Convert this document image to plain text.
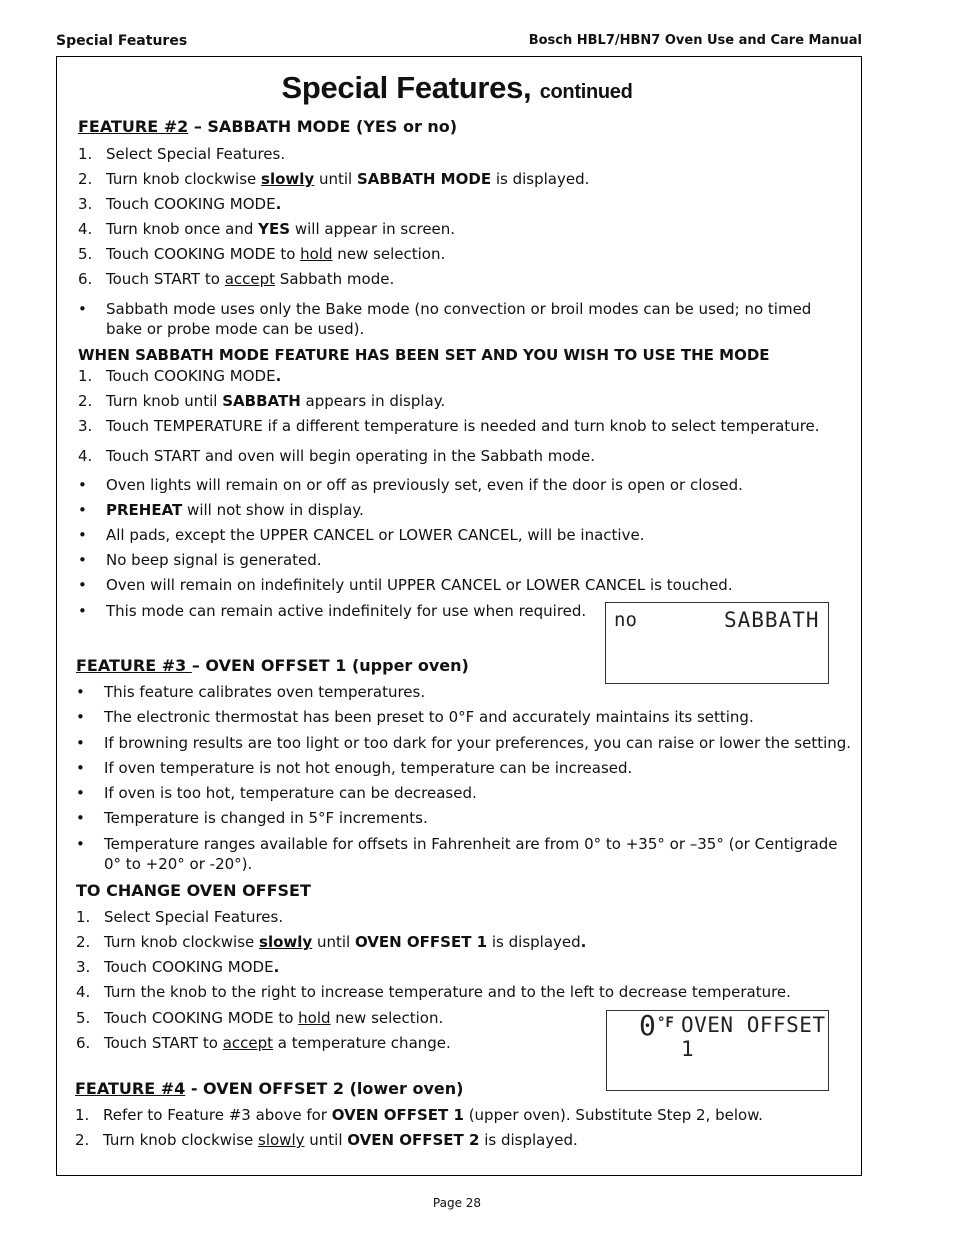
Special Features	Bosch HBL7/HBN7 Oven Use and Care Manual
Special Features, continued
FEATURE #2 – SABBATH MODE (YES or no)
1. Select Special Features.
2. Turn knob clockwise slowly until SABBATH MODE is displayed.
3. Touch COOKING MODE.
4. Turn knob once and YES will appear in screen.
5. Touch COOKING MODE to hold new selection.
6. Touch START to accept Sabbath mode.
• Sabbath mode uses only the Bake mode (no convection or broil modes can be used; no timed bake or probe mode can be used).
WHEN SABBATH MODE FEATURE HAS BEEN SET AND YOU WISH TO USE THE MODE
1. Touch COOKING MODE.
2. Turn knob until SABBATH appears in display.
3. Touch TEMPERATURE if a different temperature is needed and turn knob to select temperature.
4. Touch START and oven will begin operating in the Sabbath mode.
• Oven lights will remain on or off as previously set, even if the door is open or closed.
• PREHEAT will not show in display.
• All pads, except the UPPER CANCEL or LOWER CANCEL, will be inactive.
• No beep signal is generated.
• Oven will remain on indefinitely until UPPER CANCEL or LOWER CANCEL is touched.
• This mode can remain active indefinitely for use when required. no	SABBATH
FEATURE #3 – OVEN OFFSET 1 (upper oven)
• This feature calibrates oven temperatures.
• The electronic thermostat has been preset to 0°F and accurately maintains its setting.
• If browning results are too light or too dark for your preferences, you can raise or lower the setting.
• If oven temperature is not hot enough, temperature can be increased.
• If oven is too hot, temperature can be decreased.
• Temperature is changed in 5°F increments.
• Temperature ranges available for offsets in Fahrenheit are from 0° to +35° or –35° (or Centigrade 0° to +20° or -20°).
TO CHANGE OVEN OFFSET
1. Select Special Features.
2. Turn knob clockwise slowly until OVEN OFFSET 1 is displayed.
3. Touch COOKING MODE.
4. Turn the knob to the right to increase temperature and to the left to decrease temperature.
5. Touch COOKING MODE to hold new selection.
6. Touch START to accept a temperature change.
0 °F OVEN OFFSET 1
FEATURE #4 - OVEN OFFSET 2 (lower oven)
1. Refer to Feature #3 above for OVEN OFFSET 1 (upper oven). Substitute Step 2, below.
2. Turn knob clockwise slowly until OVEN OFFSET 2 is displayed.
Page 28
